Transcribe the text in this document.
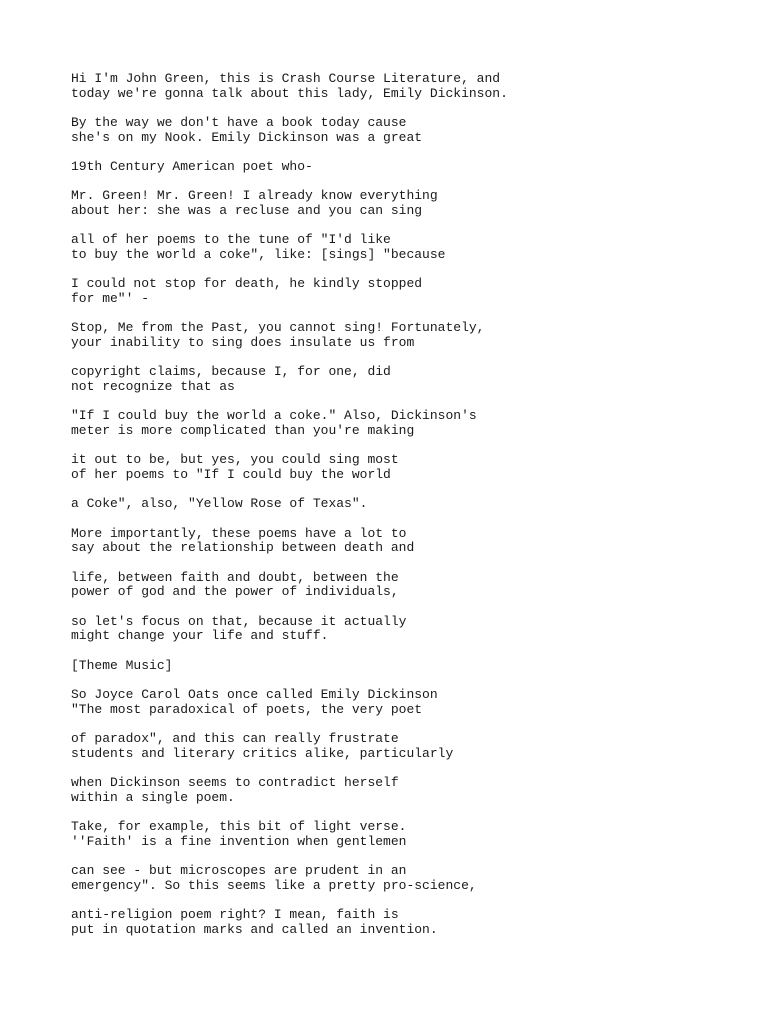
Hi I'm John Green, this is Crash Course Literature, and
today we're gonna talk about this lady, Emily Dickinson.

By the way we don't have a book today cause
she's on my Nook. Emily Dickinson was a great

19th Century American poet who-

Mr. Green! Mr. Green! I already know everything
about her: she was a recluse and you can sing

all of her poems to the tune of "I'd like
to buy the world a coke", like: [sings] "because

I could not stop for death, he kindly stopped
for me"' -

Stop, Me from the Past, you cannot sing! Fortunately,
your inability to sing does insulate us from

copyright claims, because I, for one, did
not recognize that as

"If I could buy the world a coke." Also, Dickinson's
meter is more complicated than you're making

it out to be, but yes, you could sing most
of her poems to "If I could buy the world

a Coke", also, "Yellow Rose of Texas".

More importantly, these poems have a lot to
say about the relationship between death and

life, between faith and doubt, between the
power of god and the power of individuals,

so let's focus on that, because it actually
might change your life and stuff.

[Theme Music]

So Joyce Carol Oats once called Emily Dickinson
"The most paradoxical of poets, the very poet

of paradox", and this can really frustrate
students and literary critics alike, particularly

when Dickinson seems to contradict herself
within a single poem.

Take, for example, this bit of light verse.
''Faith' is a fine invention when gentlemen

can see - but microscopes are prudent in an
emergency". So this seems like a pretty pro-science,

anti-religion poem right? I mean, faith is
put in quotation marks and called an invention.
